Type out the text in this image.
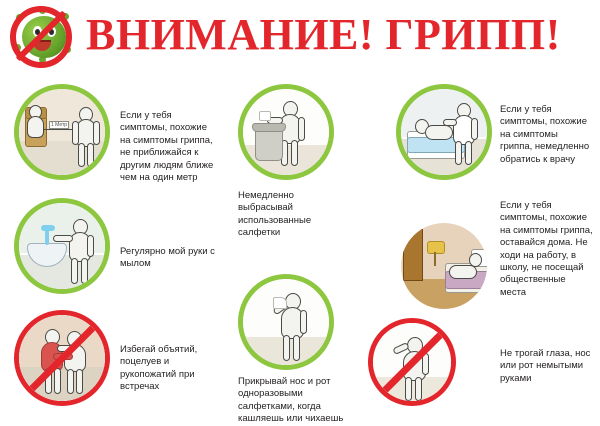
ВНИМАНИЕ! ГРИПП!
1 Метр
Если у тебя симптомы, похожие на симптомы гриппа, не приближайся к другим людям ближе чем на один метр
Немедленно выбрасывай использованные салфетки
Если у тебя симптомы, похожие на симптомы гриппа, немедленно обратись к врачу
Регулярно мой руки с мылом
Если у тебя симптомы, похожие на симптомы гриппа, оставайся дома. Не ходи на работу, в школу, не посещай общественные места
Избегай объятий, поцелуев и рукопожатий при встречах	Прикрывай нос и рот одноразовыми салфетками, когда кашляешь или чихаешь
Не трогай глаза, нос или рот немытыми руками
